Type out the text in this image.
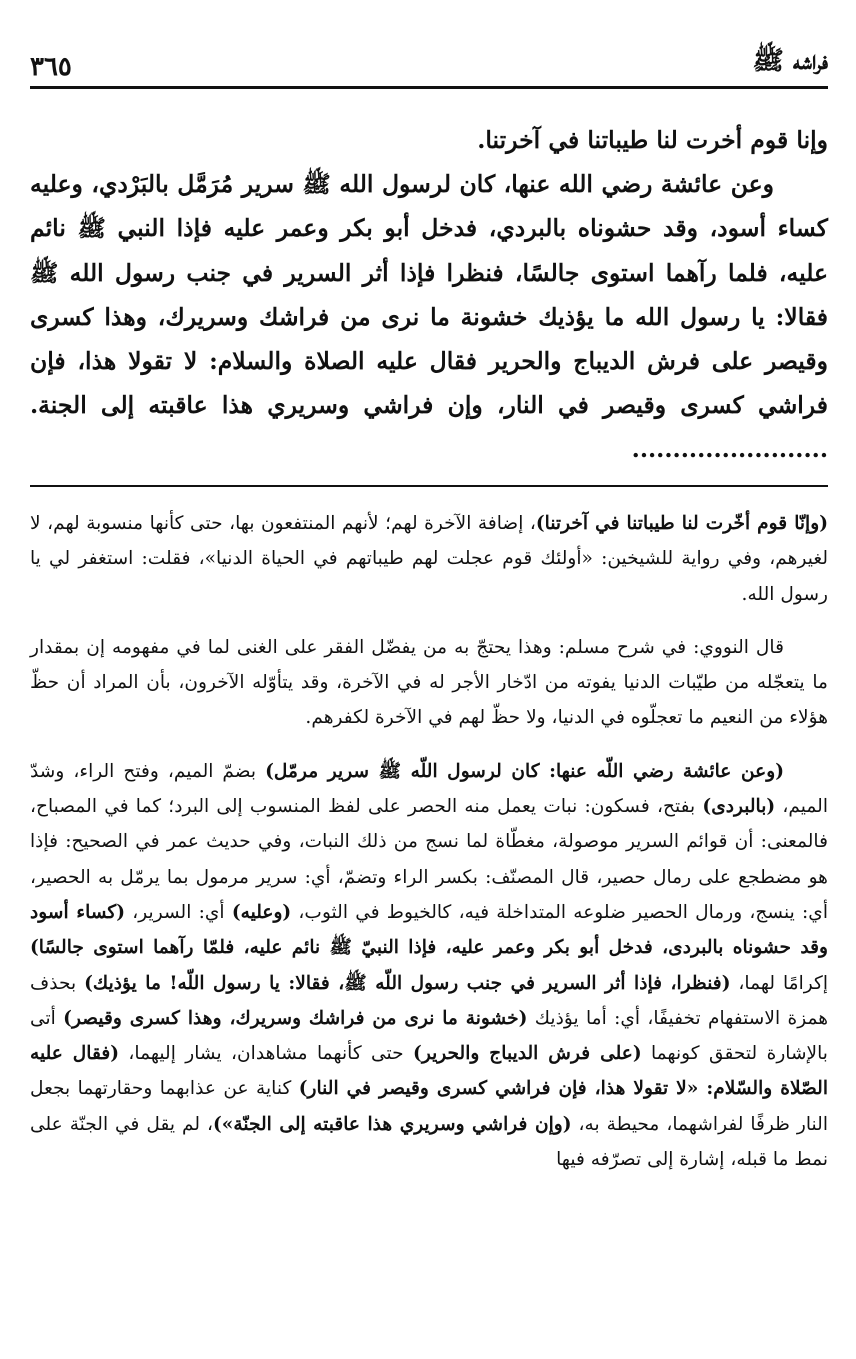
٣٦٥	فراشه ﷺ

وإنا قوم أخرت لنا طيباتنا في آخرتنا.

وعن عائشة رضي الله عنها، كان لرسول الله ﷺ سرير مُرَمَّل بالبَرْدي، وعليه كساء أسود، وقد حشوناه بالبردي، فدخل أبو بكر وعمر عليه فإذا النبي ﷺ نائم عليه، فلما رآهما استوى جالسًا، فنظرا فإذا أثر السرير في جنب رسول الله ﷺ فقالا: يا رسول الله ما يؤذيك خشونة ما نرى من فراشك وسريرك، وهذا كسرى وقيصر على فرش الديباج والحرير فقال عليه الصلاة والسلام: لا تقولا هذا، فإن فراشي كسرى وقيصر في النار، وإن فراشي وسريري هذا عاقبته إلى الجنة. ........................

(وإنّا قوم أخّرت لنا طيباتنا في آخرتنا)، إضافة الآخرة لهم؛ لأنهم المنتفعون بها، حتى كأنها منسوبة لهم، لا لغيرهم، وفي رواية للشيخين: «أولئك قوم عجلت لهم طيباتهم في الحياة الدنيا»، فقلت: استغفر لي يا رسول الله.

قال النووي: في شرح مسلم: وهذا يحتجّ به من يفضّل الفقر على الغنى لما في مفهومه إن بمقدار ما يتعجّله من طيّبات الدنيا يفوته من ادّخار الأجر له في الآخرة، وقد يتأوّله الآخرون، بأن المراد أن حظّ هؤلاء من النعيم ما تعجلّوه في الدنيا، ولا حظّ لهم في الآخرة لكفرهم.

(وعن عائشة رضي اللّه عنها: كان لرسول اللّه ﷺ سرير مرمّل) بضمّ الميم، وفتح الراء، وشدّ الميم، (بالبردى) بفتح، فسكون: نبات يعمل منه الحصر على لفظ المنسوب إلى البرد؛ كما في المصباح، فالمعنى: أن قوائم السرير موصولة، مغطّاة لما نسج من ذلك النبات، وفي حديث عمر في الصحيح: فإذا هو مضطجع على رمال حصير، قال المصنّف: بكسر الراء وتضمّ، أي: سرير مرمول بما يرمّل به الحصير، أي: ينسج، ورمال الحصير ضلوعه المتداخلة فيه، كالخيوط في الثوب، (وعليه) أي: السرير، (كساء أسود وقد حشوناه بالبردى، فدخل أبو بكر وعمر عليه، فإذا النبيّ ﷺ نائم عليه، فلمّا رآهما استوى جالسًا) إكرامًا لهما، (فنظرا، فإذا أثر السرير في جنب رسول اللّه ﷺ، فقالا: يا رسول اللّه! ما يؤذيك) بحذف همزة الاستفهام تخفيفًا، أي: أما يؤذيك (خشونة ما نرى من فراشك وسريرك، وهذا كسرى وقيصر) أتى بالإشارة لتحقق كونهما (على فرش الديباج والحرير) حتى كأنهما مشاهدان، يشار إليهما، (فقال عليه الصّلاة والسّلام: «لا تقولا هذا، فإن فراشي كسرى وقيصر في النار) كناية عن عذابهما وحقارتهما بجعل النار ظرفًا لفراشهما، محيطة به، (وإن فراشي وسريري هذا عاقبته إلى الجنّة»)، لم يقل في الجنّة على نمط ما قبله، إشارة إلى تصرّفه فيها
